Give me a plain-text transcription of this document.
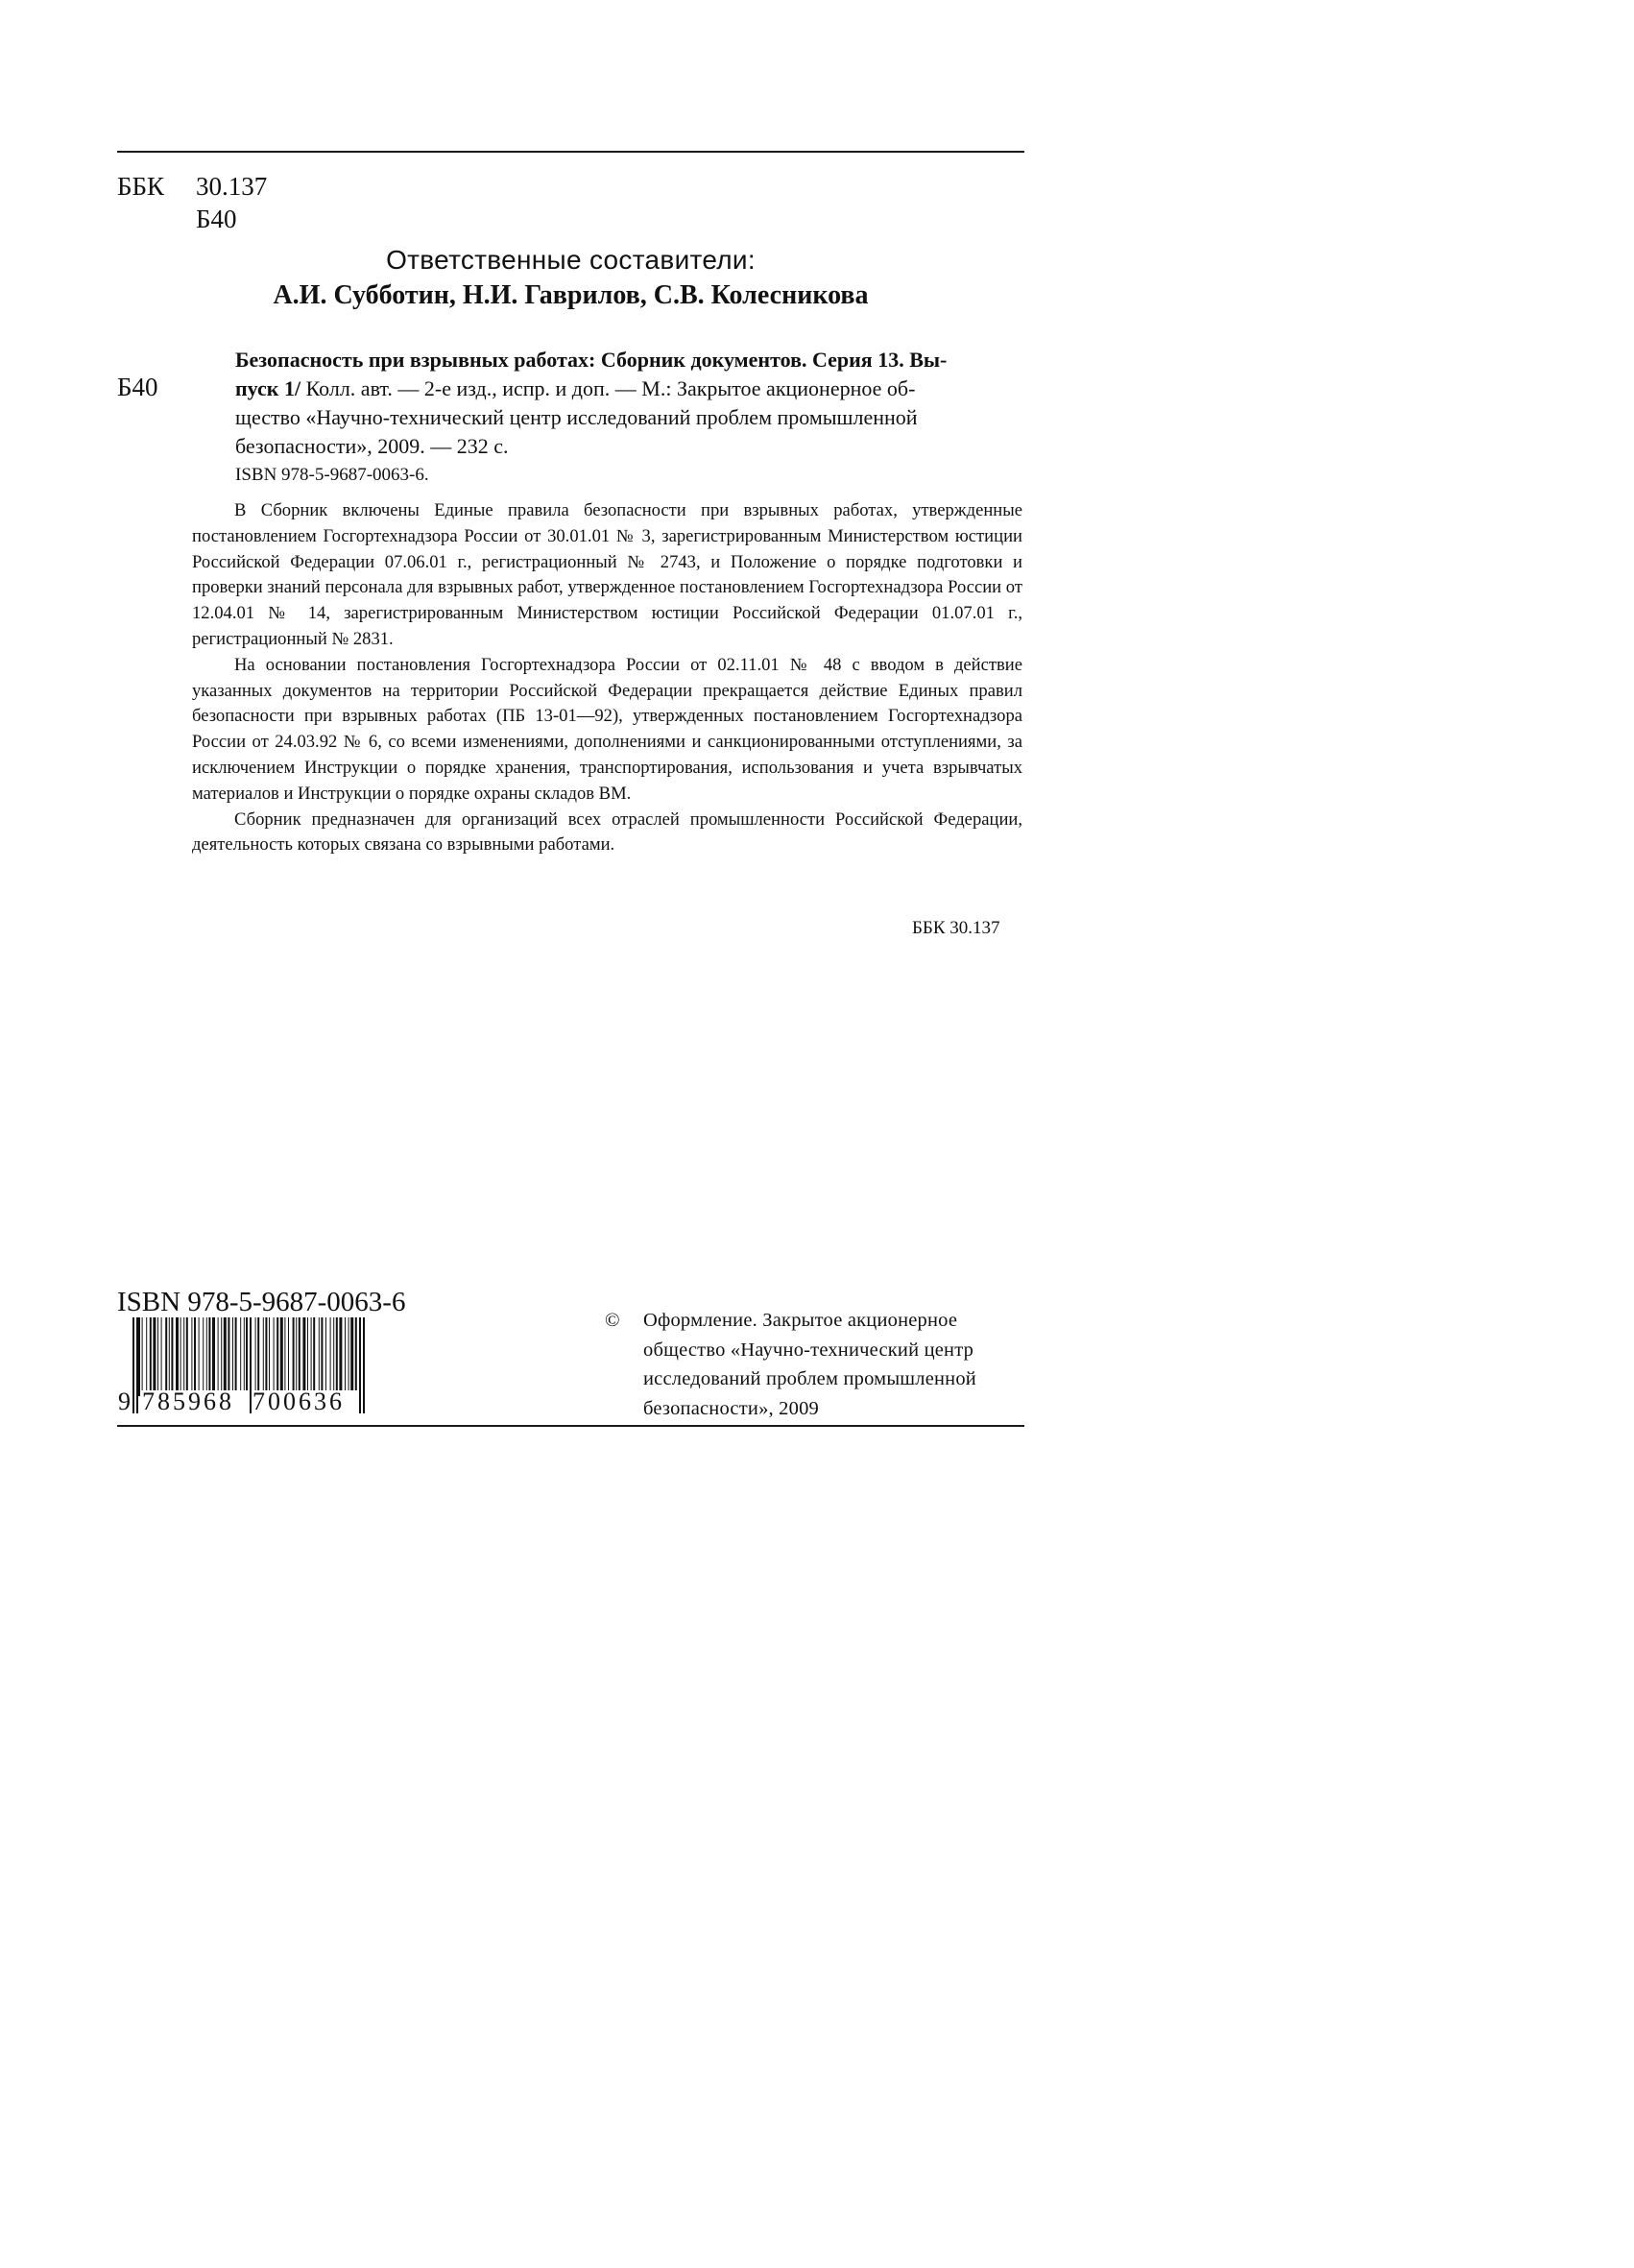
ББК 30.137
Б40
Ответственные составители:
А.И. Субботин, Н.И. Гаврилов, С.В. Колесникова
Б40
Безопасность при взрывных работах: Сборник документов. Серия 13. Вы-
пуск 1/ Колл. авт. — 2-е изд., испр. и доп. — М.: Закрытое акционерное об-
щество «Научно-технический центр исследований проблем промышленной
безопасности», 2009. — 232 с.
ISBN 978-5-9687-0063-6.

В Сборник включены Единые правила безопасности при взрывных работах, утвержденные постановлением Госгортехнадзора России от 30.01.01 № 3, зарегистрированным Министерством юстиции Российской Федерации 07.06.01 г., регистрационный № 2743, и Положение о порядке подготовки и проверки знаний персонала для взрывных работ, утвержденное постановлением Госгортехнадзора России от 12.04.01 № 14, зарегистрированным Министерством юстиции Российской Федерации 01.07.01 г., регистрационный № 2831.

На основании постановления Госгортехнадзора России от 02.11.01 № 48 с вводом в действие указанных документов на территории Российской Федерации прекращается действие Единых правил безопасности при взрывных работах (ПБ 13-01—92), утвержденных постановлением Госгортехнадзора России от 24.03.92 № 6, со всеми изменениями, дополнениями и санкционированными отступлениями, за исключением Инструкции о порядке хранения, транспортирования, использования и учета взрывчатых материалов и Инструкции о порядке охраны складов ВМ.

Сборник предназначен для организаций всех отраслей промышленности Российской Федерации, деятельность которых связана со взрывными работами.

ББК 30.137
ISBN 978-5-9687-0063-6
9 785968 700636
© Оформление. Закрытое акционерное
общество «Научно-технический центр
исследований проблем промышленной
безопасности», 2009
